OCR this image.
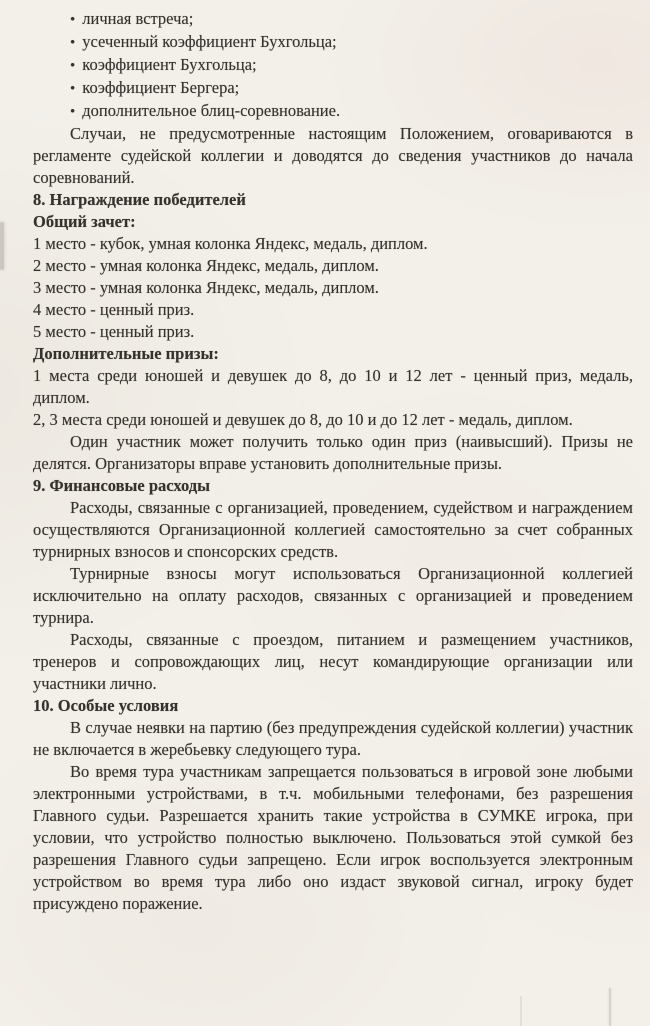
• личная встреча;
• усеченный коэффициент Бухгольца;
• коэффициент Бухгольца;
• коэффициент Бергера;
• дополнительное блиц-соревнование.

Случаи, не предусмотренные настоящим Положением, оговариваются в регламенте судейской коллегии и доводятся до сведения участников до начала соревнований.

8. Награждение победителей
Общий зачет:

1 место - кубок, умная колонка Яндекс, медаль, диплом.

2 место - умная колонка Яндекс, медаль, диплом.

3 место - умная колонка Яндекс, медаль, диплом.

4 место - ценный приз.

5 место - ценный приз.

Дополнительные призы:

1 места среди юношей и девушек до 8, до 10 и 12 лет - ценный приз, медаль, диплом.

2, 3 места среди юношей и девушек до 8, до 10 и до 12 лет - медаль, диплом.

Один участник может получить только один приз (наивысший). Призы не делятся. Организаторы вправе установить дополнительные призы.

9. Финансовые расходы

Расходы, связанные с организацией, проведением, судейством и награждением осуществляются Организационной коллегией самостоятельно за счет собранных турнирных взносов и спонсорских средств.

Турнирные взносы могут использоваться Организационной коллегией исключительно на оплату расходов, связанных с организацией и проведением турнира.

Расходы, связанные с проездом, питанием и размещением участников, тренеров и сопровождающих лиц, несут командирующие организации или участники лично.

10. Особые условия

В случае неявки на партию (без предупреждения судейской коллегии) участник не включается в жеребьевку следующего тура.

Во время тура участникам запрещается пользоваться в игровой зоне любыми электронными устройствами, в т.ч. мобильными телефонами, без разрешения Главного судьи. Разрешается хранить такие устройства в СУМКЕ игрока, при условии, что устройство полностью выключено. Пользоваться этой сумкой без разрешения Главного судьи запрещено. Если игрок воспользуется электронным устройством во время тура либо оно издаст звуковой сигнал, игроку будет присуждено поражение.
